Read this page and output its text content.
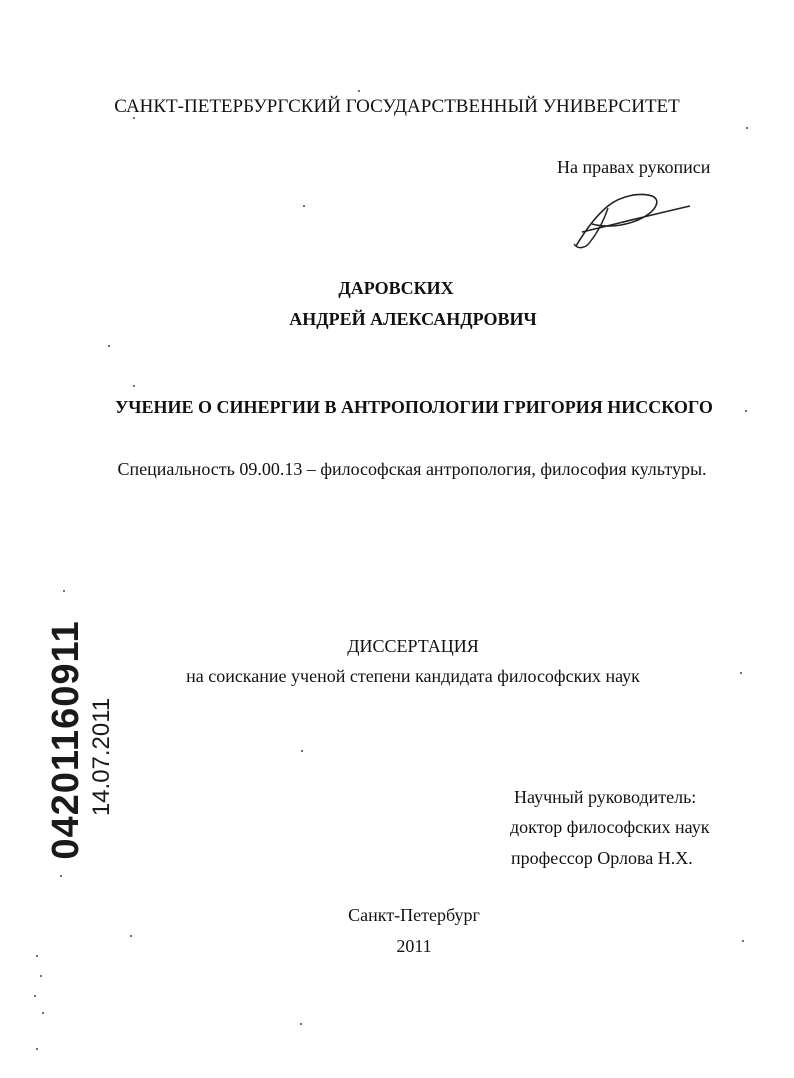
САНКТ-ПЕТЕРБУРГСКИЙ ГОСУДАРСТВЕННЫЙ УНИВЕРСИТЕТ
На правах рукописи
ДАРОВСКИХ
АНДРЕЙ АЛЕКСАНДРОВИЧ
УЧЕНИЕ О СИНЕРГИИ В АНТРОПОЛОГИИ ГРИГОРИЯ НИССКОГО
Специальность 09.00.13 – философская антропология, философия культуры.
ДИССЕРТАЦИЯ
на соискание ученой степени кандидата философских наук
Научный руководитель:
доктор философских наук
профессор Орлова Н.Х.
Санкт-Петербург
2011
04201160911 14.07.2011
